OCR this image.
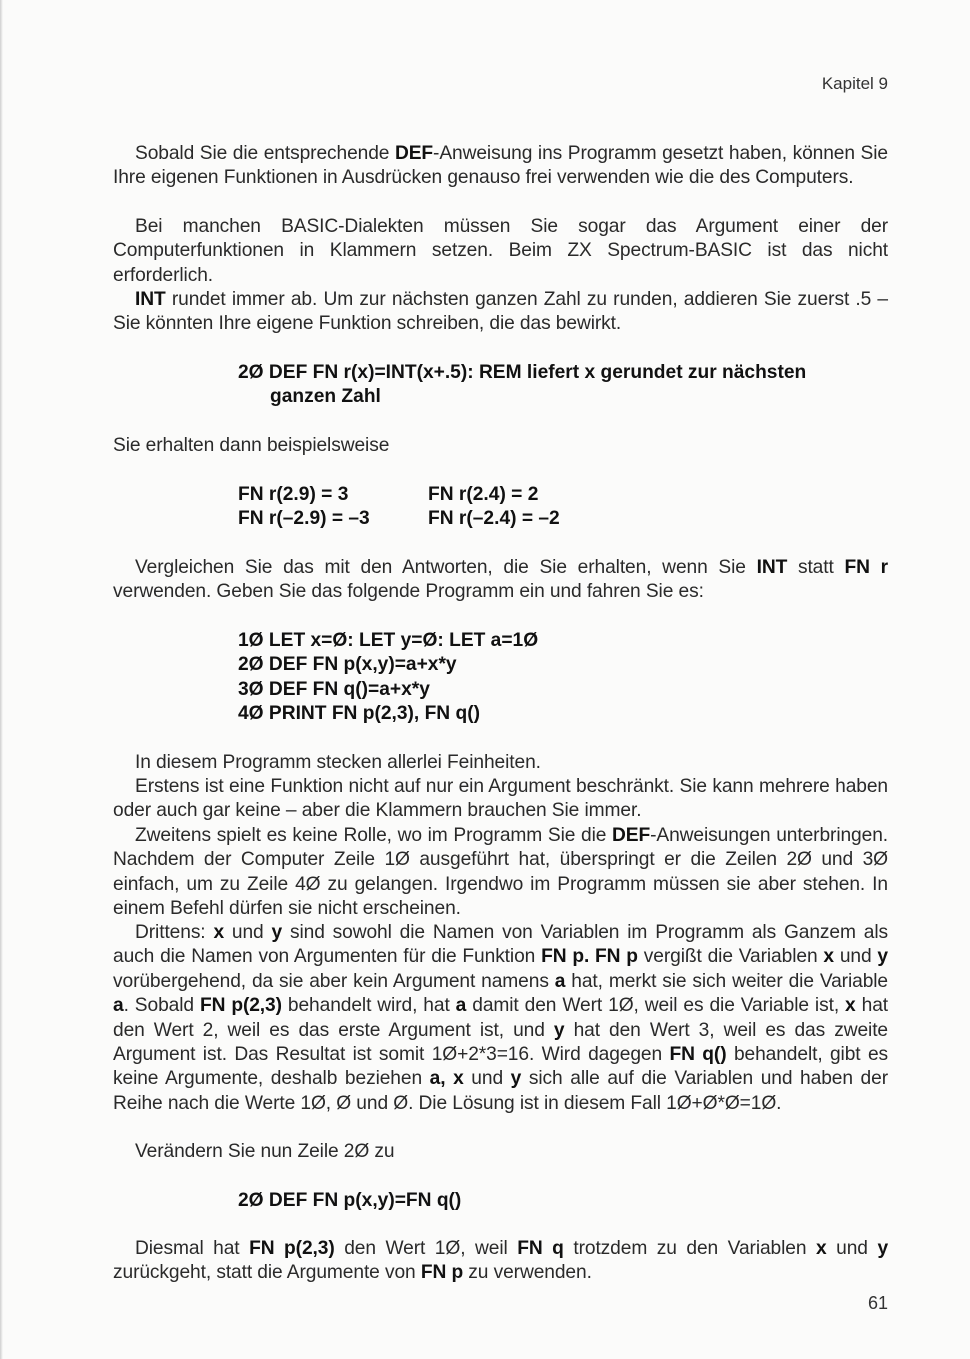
Kapitel 9

Sobald Sie die entsprechende DEF-Anweisung ins Programm gesetzt haben, können Sie Ihre eigenen Funktionen in Ausdrücken genauso frei verwenden wie die des Computers.

Bei manchen BASIC-Dialekten müssen Sie sogar das Argument einer der Computerfunktionen in Klammern setzen. Beim ZX Spectrum-BASIC ist das nicht erforderlich.

INT rundet immer ab. Um zur nächsten ganzen Zahl zu runden, addieren Sie zuerst .5 – Sie könnten Ihre eigene Funktion schreiben, die das bewirkt.

2Ø DEF FN r(x)=INT(x+.5): REM liefert x gerundet zur nächsten
ganzen Zahl

Sie erhalten dann beispielsweise

FN r(2.9) = 3	FN r(2.4) = 2
FN r(–2.9) = –3	FN r(–2.4) = –2

Vergleichen Sie das mit den Antworten, die Sie erhalten, wenn Sie INT statt FN r verwenden. Geben Sie das folgende Programm ein und fahren Sie es:

1Ø LET x=Ø: LET y=Ø: LET a=1Ø
2Ø DEF FN p(x,y)=a+x*y
3Ø DEF FN q()=a+x*y
4Ø PRINT FN p(2,3), FN q()

In diesem Programm stecken allerlei Feinheiten.

Erstens ist eine Funktion nicht auf nur ein Argument beschränkt. Sie kann mehrere haben oder auch gar keine – aber die Klammern brauchen Sie immer.

Zweitens spielt es keine Rolle, wo im Programm Sie die DEF-Anweisungen unterbringen. Nachdem der Computer Zeile 1Ø ausgeführt hat, überspringt er die Zeilen 2Ø und 3Ø einfach, um zu Zeile 4Ø zu gelangen. Irgendwo im Programm müssen sie aber stehen. In einem Befehl dürfen sie nicht erscheinen.

Drittens: x und y sind sowohl die Namen von Variablen im Programm als Ganzem als auch die Namen von Argumenten für die Funktion FN p. FN p vergißt die Variablen x und y vorübergehend, da sie aber kein Argument namens a hat, merkt sie sich weiter die Variable a. Sobald FN p(2,3) behandelt wird, hat a damit den Wert 1Ø, weil es die Variable ist, x hat den Wert 2, weil es das erste Argument ist, und y hat den Wert 3, weil es das zweite Argument ist. Das Resultat ist somit 1Ø+2*3=16. Wird dagegen FN q() behandelt, gibt es keine Argumente, deshalb beziehen a, x und y sich alle auf die Variablen und haben der Reihe nach die Werte 1Ø, Ø und Ø. Die Lösung ist in diesem Fall 1Ø+Ø*Ø=1Ø.

Verändern Sie nun Zeile 2Ø zu

2Ø DEF FN p(x,y)=FN q()

Diesmal hat FN p(2,3) den Wert 1Ø, weil FN q trotzdem zu den Variablen x und y zurückgeht, statt die Argumente von FN p zu verwenden.

61
